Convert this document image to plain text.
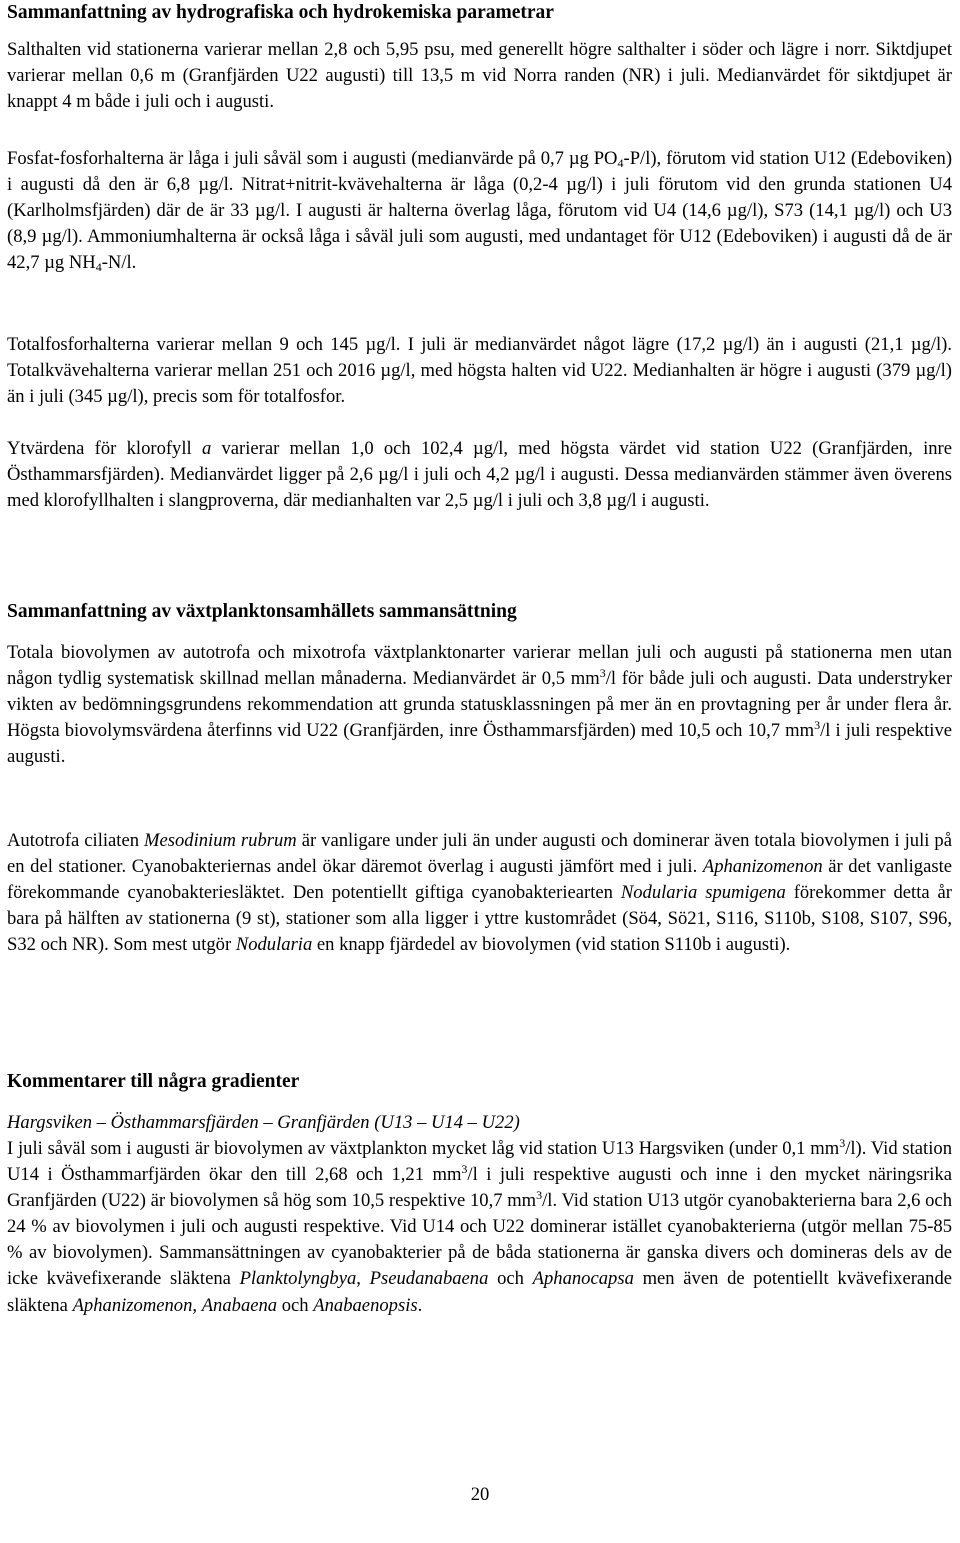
Sammanfattning av hydrografiska och hydrokemiska parametrar

Salthalten vid stationerna varierar mellan 2,8 och 5,95 psu, med generellt högre salthalter i söder och lägre i norr. Siktdjupet varierar mellan 0,6 m (Granfjärden U22 augusti) till 13,5 m vid Norra randen (NR) i juli. Medianvärdet för siktdjupet är knappt 4 m både i juli och i augusti.

Fosfat-fosforhalterna är låga i juli såväl som i augusti (medianvärde på 0,7 µg $PO_4-P/l$), förutom vid station U12 (Edeboviken) i augusti då den är 6,8 µg/l. Nitrat+nitrit-kvävehalterna är låga (0,2-4 µg/l) i juli förutom vid den grunda stationen U4 (Karlholmsfjärden) där de är 33 µg/l. I augusti är halterna överlag låga, förutom vid U4 (14,6 µg/l), S73 (14,1 µg/l) och U3 (8,9 µg/l). Ammoniumhalterna är också låga i såväl juli som augusti, med undantaget för U12 (Edeboviken) i augusti då de är 42,7 µg $NH_4-N/l$.

Totalfosforhalterna varierar mellan 9 och 145 µg/l. I juli är medianvärdet något lägre (17,2 µg/l) än i augusti (21,1 µg/l). Totalkvävehalterna varierar mellan 251 och 2016 µg/l, med högsta halten vid U22. Medianhalten är högre i augusti (379 µg/l) än i juli (345 µg/l), precis som för totalfosfor.

Ytvärdena för klorofyll a varierar mellan 1,0 och 102,4 µg/l, med högsta värdet vid station U22 (Granfjärden, inre Östhammarsfjärden). Medianvärdet ligger på 2,6 µg/l i juli och 4,2 µg/l i augusti. Dessa medianvärden stämmer även överens med klorofyllhalten i slangproverna, där medianhalten var 2,5 µg/l i juli och 3,8 µg/l i augusti.

Sammanfattning av växtplanktonsamhällets sammansättning

Totala biovolymen av autotrofa och mixotrofa växtplanktonarter varierar mellan juli och augusti på stationerna men utan någon tydlig systematisk skillnad mellan månaderna. Medianvärdet är 0,5 $mm^3/l$ för både juli och augusti. Data understryker vikten av bedömningsgrundens rekommendation att grunda statusklassningen på mer än en provtagning per år under flera år. Högsta biovolymsvärdena återfinns vid U22 (Granfjärden, inre Östhammarsfjärden) med 10,5 och 10,7 $mm^3/l$ i juli respektive augusti.

Autotrofa ciliaten Mesodinium rubrum är vanligare under juli än under augusti och dominerar även totala biovolymen i juli på en del stationer. Cyanobakteriernas andel ökar däremot överlag i augusti jämfört med i juli. Aphanizomenon är det vanligaste förekommande cyanobakteriesläktet. Den potentiellt giftiga cyanobakteriearten Nodularia spumigena förekommer detta år bara på hälften av stationerna (9 st), stationer som alla ligger i yttre kustområdet (Sö4, Sö21, S116, S110b, S108, S107, S96, S32 och NR). Som mest utgör Nodularia en knapp fjärdedel av biovolymen (vid station S110b i augusti).

Kommentarer till några gradienter

Hargsviken – Östhammarsfjärden – Granfjärden (U13 – U14 – U22)

I juli såväl som i augusti är biovolymen av växtplankton mycket låg vid station U13 Hargsviken (under 0,1 $mm^3/l$). Vid station U14 i Östhammarfjärden ökar den till 2,68 och 1,21 $mm^3/l$ i juli respektive augusti och inne i den mycket näringsrika Granfjärden (U22) är biovolymen så hög som 10,5 respektive 10,7 $mm^3/l$. Vid station U13 utgör cyanobakterierna bara 2,6 och 24 % av biovolymen i juli och augusti respektive. Vid U14 och U22 dominerar istället cyanobakterierna (utgör mellan 75-85 % av biovolymen). Sammansättningen av cyanobakterier på de båda stationerna är ganska divers och domineras dels av de icke kvävefixerande släktena Planktolyngbya, Pseudanabaena och Aphanocapsa men även de potentiellt kvävefixerande släktena Aphanizomenon, Anabaena och Anabaenopsis.

20
